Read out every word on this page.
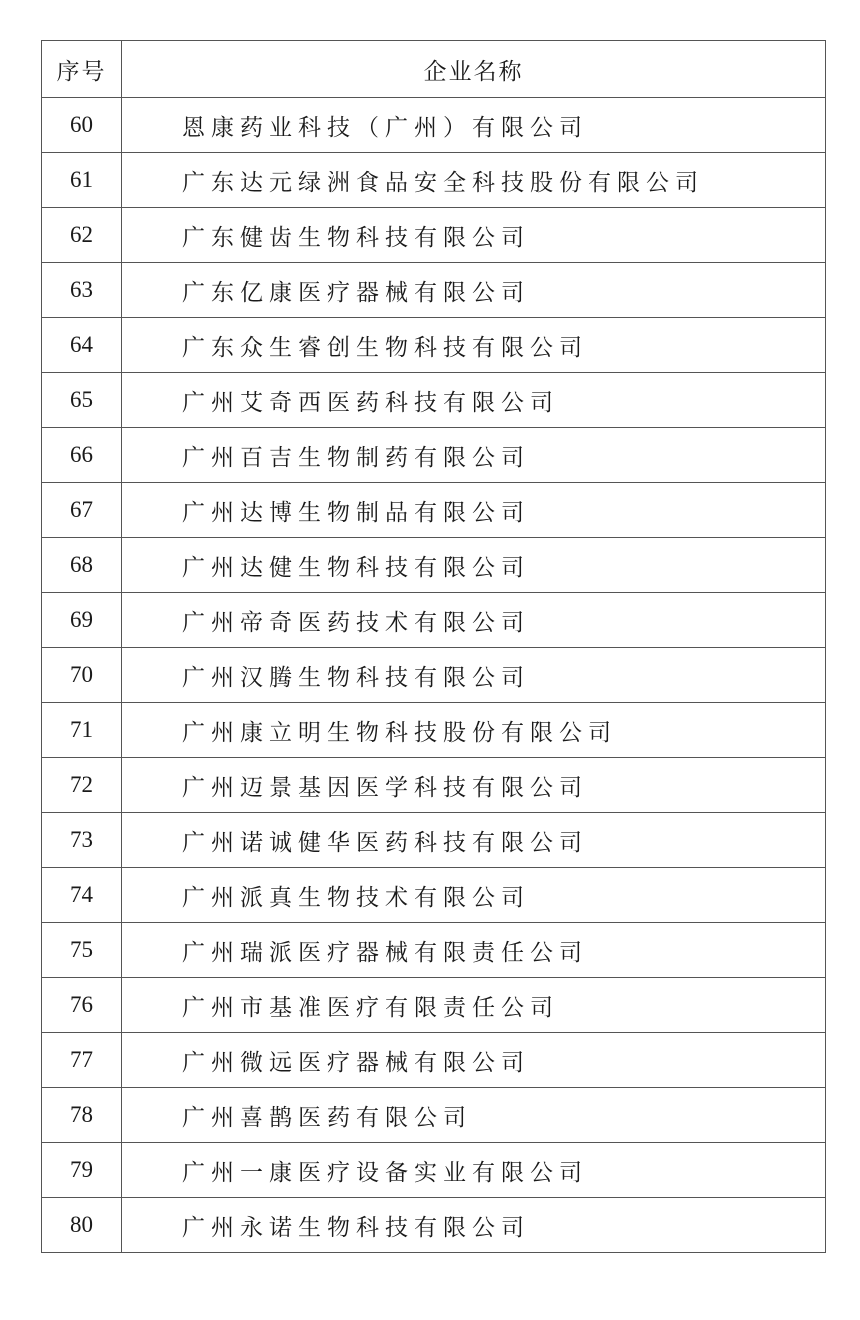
序号	企业名称
60	恩康药业科技（广州）有限公司
61	广东达元绿洲食品安全科技股份有限公司
62	广东健齿生物科技有限公司
63	广东亿康医疗器械有限公司
64	广东众生睿创生物科技有限公司
65	广州艾奇西医药科技有限公司
66	广州百吉生物制药有限公司
67	广州达博生物制品有限公司
68	广州达健生物科技有限公司
69	广州帝奇医药技术有限公司
70	广州汉腾生物科技有限公司
71	广州康立明生物科技股份有限公司
72	广州迈景基因医学科技有限公司
73	广州诺诚健华医药科技有限公司
74	广州派真生物技术有限公司
75	广州瑞派医疗器械有限责任公司
76	广州市基准医疗有限责任公司
77	广州微远医疗器械有限公司
78	广州喜鹊医药有限公司
79	广州一康医疗设备实业有限公司
80	广州永诺生物科技有限公司
